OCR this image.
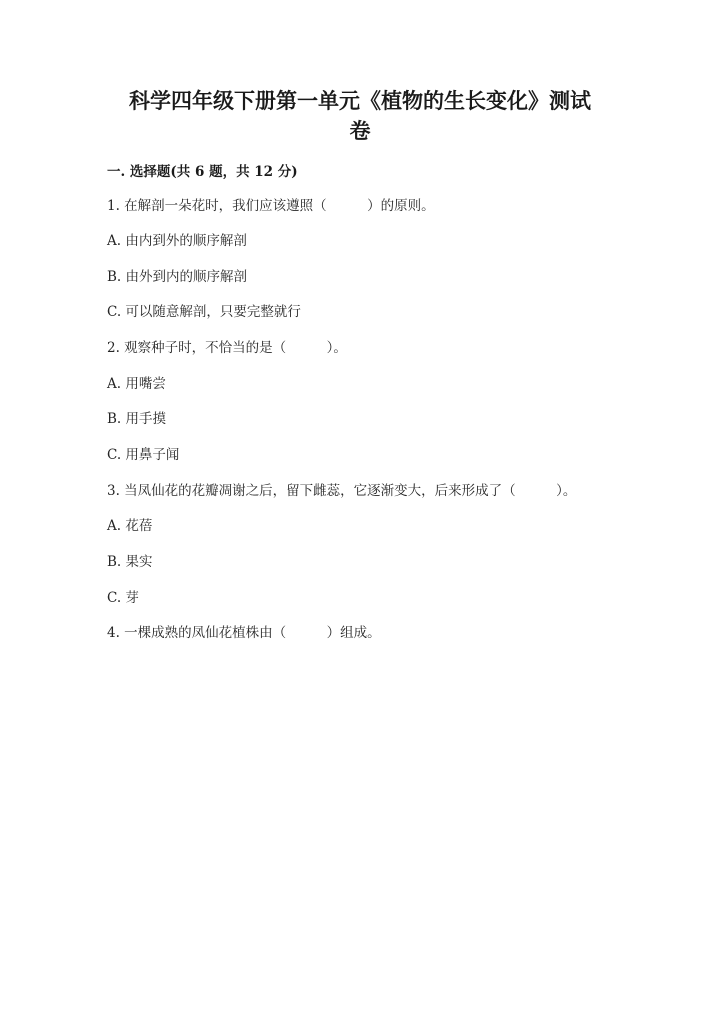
科学四年级下册第一单元《植物的生长变化》测试
卷
一. 选择题(共 6 题，共 12 分)
1. 在解剖一朵花时，我们应该遵照（　　　）的原则。
A. 由内到外的顺序解剖
B. 由外到内的顺序解剖
C. 可以随意解剖，只要完整就行
2. 观察种子时，不恰当的是（　　　）。
A. 用嘴尝
B. 用手摸
C. 用鼻子闻
3. 当凤仙花的花瓣凋谢之后，留下雌蕊，它逐渐变大，后来形成了（　　　）。
A. 花蓓
B. 果实
C. 芽
4. 一棵成熟的凤仙花植株由（　　　）组成。
